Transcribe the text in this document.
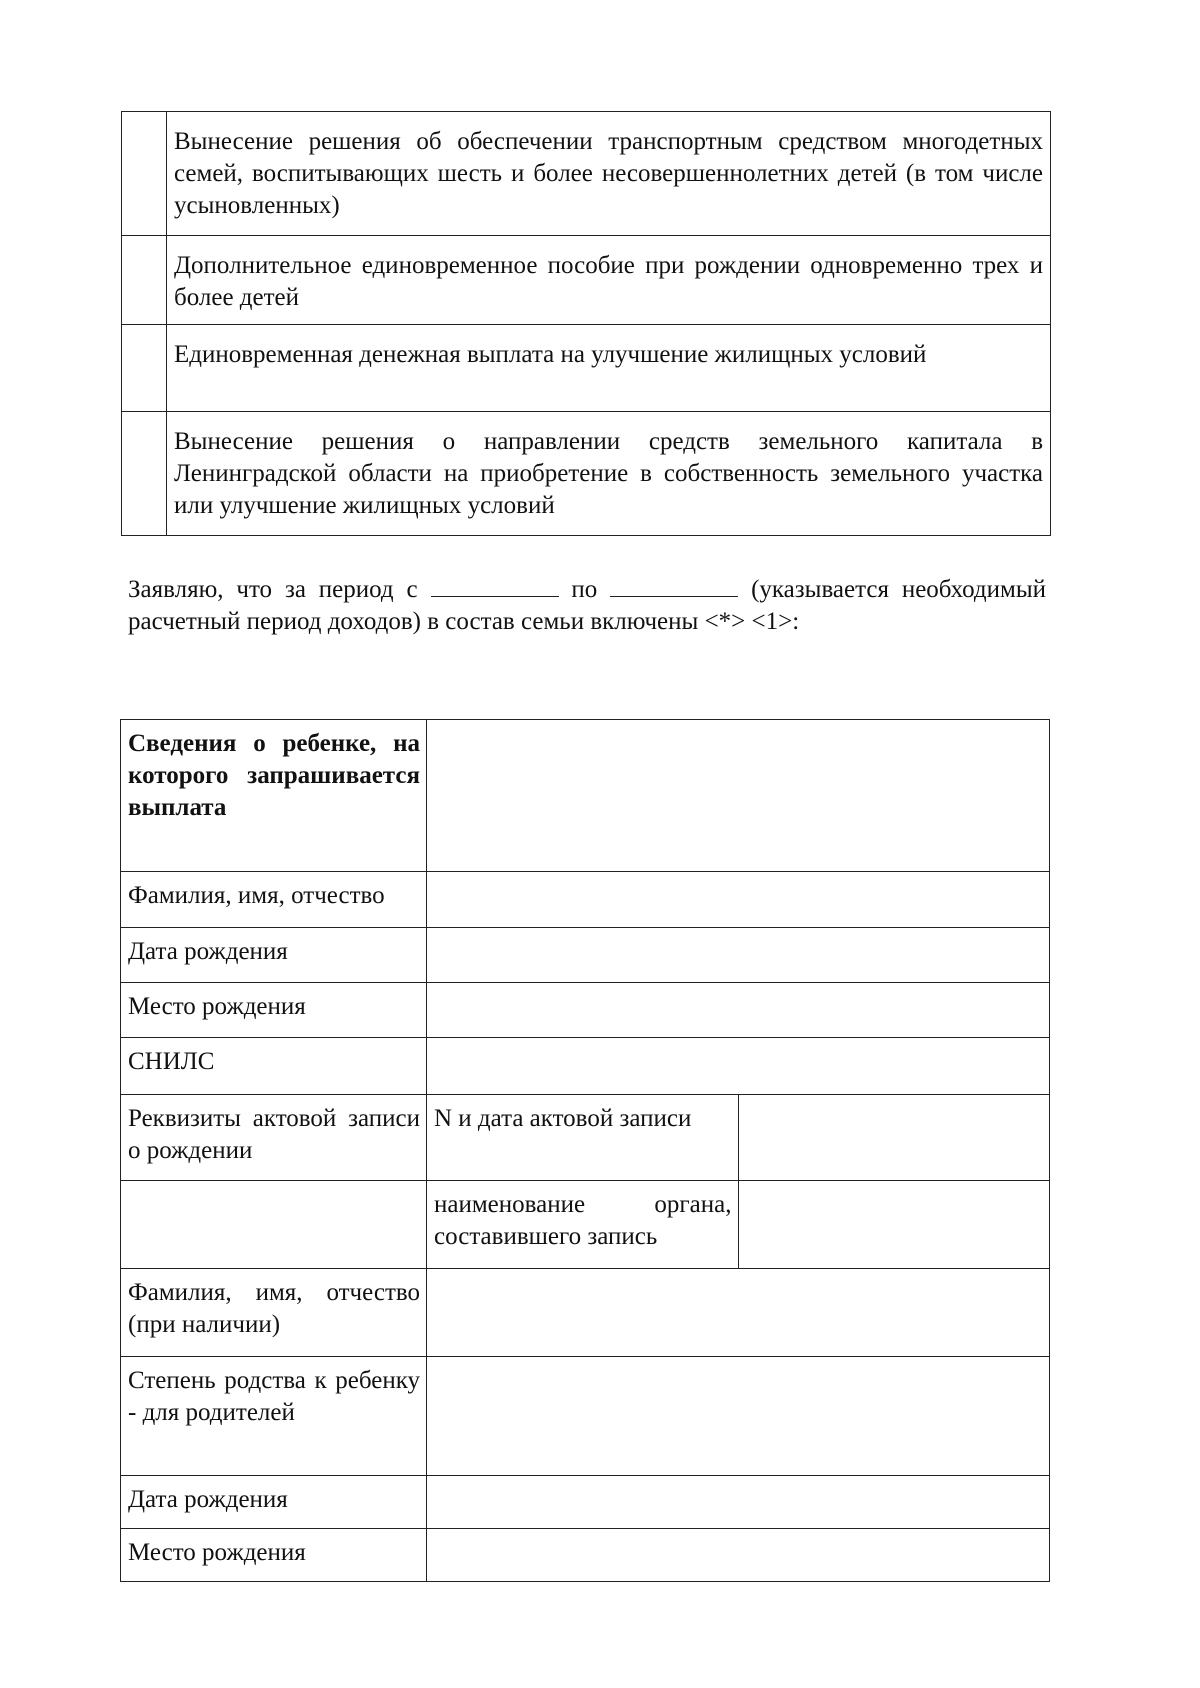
	Вынесение решения об обеспечении транспортным средством многодетных семей, воспитывающих шесть и более несовершеннолетних детей (в том числе усыновленных)
	Дополнительное единовременное пособие при рождении одновременно трех и более детей
	Единовременная денежная выплата на улучшение жилищных условий
	Вынесение решения о направлении средств земельного капитала в Ленинградской области на приобретение в собственность земельного участка или улучшение жилищных условий

Заявляю, что за период с	по	(указывается необходимый расчетный период доходов) в состав семьи включены <*> <1>:

Сведения о ребенке, на которого запрашивается выплата		
Фамилия, имя, отчество		
Дата рождения		
Место рождения		
СНИЛС		
Реквизиты актовой записи о рождении	N и дата актовой записи	
	наименование органа, составившего запись	
Фамилия, имя, отчество (при наличии)		
Степень родства к ребенку - для родителей		
Дата рождения		
Место рождения		
